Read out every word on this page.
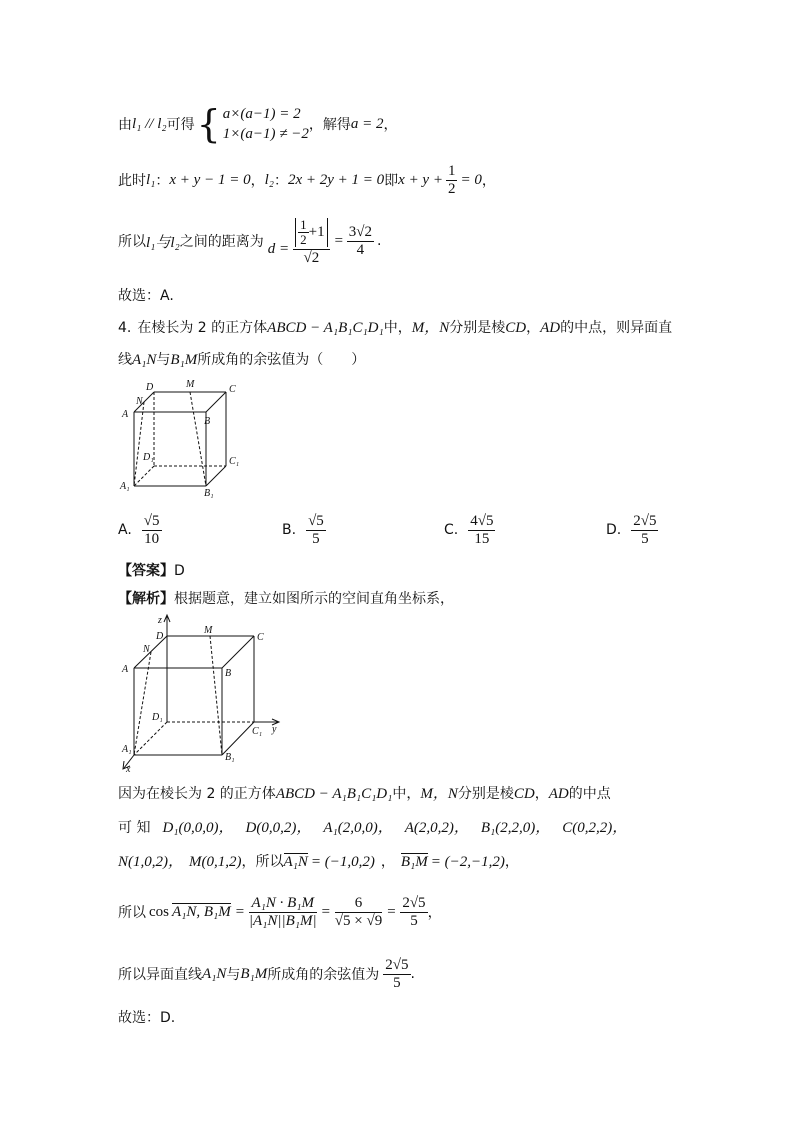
由 l₁ // l₂ 可得 { a×(a−1) = 2
1×(a−1) ≠ −2
，解得 a = 2 ，
此时 l₁ ： x + y − 1 = 0 ， l₂ ： 2x + 2y + 1 = 0 即 $x + y + \frac{1}{2} = 0$ ，
所以 l₁与l₂ 之间的距离为 $d = \frac{\frac{1}{2} +1}{√2} = \frac{3√2}{4}$ .
故选：A.
4. 在棱长为 2 的正方体 ABCD − A₁B₁C₁D₁ 中， M，N 分别是棱 CD ， AD 的中点，则异面直
线 A₁N 与 B₁M 所成角的余弦值为（　　）
D	M	C
N
A
B
D₁	C₁
A₁
B₁
A. $\frac{√5}{10}$	B. $\frac{√5}{5}$	C. $\frac{4√5}{15}$	D. $\frac{2√5}{5}$
【答案】 D
【解析】 根据题意，建立如图所示的空间直角坐标系，
z
y
x
D
M
C
N
A	B
D₁
C₁
A₁
B₁
因为在棱长为 2 的正方体 ABCD − A₁B₁C₁D₁ 中， M，N 分别是棱 CD ， AD 的中点
可 知 D₁(0,0,0)， D(0,0,2)， A₁(2,0,0)， A(2,0,2)， B₁(2,2,0)， C(0,2,2)，
N(1,0,2)， M(0,1,2) ，所以 A₁N = (−1,0,2) ， B₁M = (−2,−1,2) ，
所以 cos A₁N, $B_1M = \frac{\text{A₁N · B₁M}}{\text{|A₁N||B₁M|}} = \frac{6}{√5 \times √9} = \frac{2√5}{5}$ ，
所以异面直线 A₁N 与 B₁M 所成角的余弦值为 $\frac{2√5}{5}$ .
故选：D.
